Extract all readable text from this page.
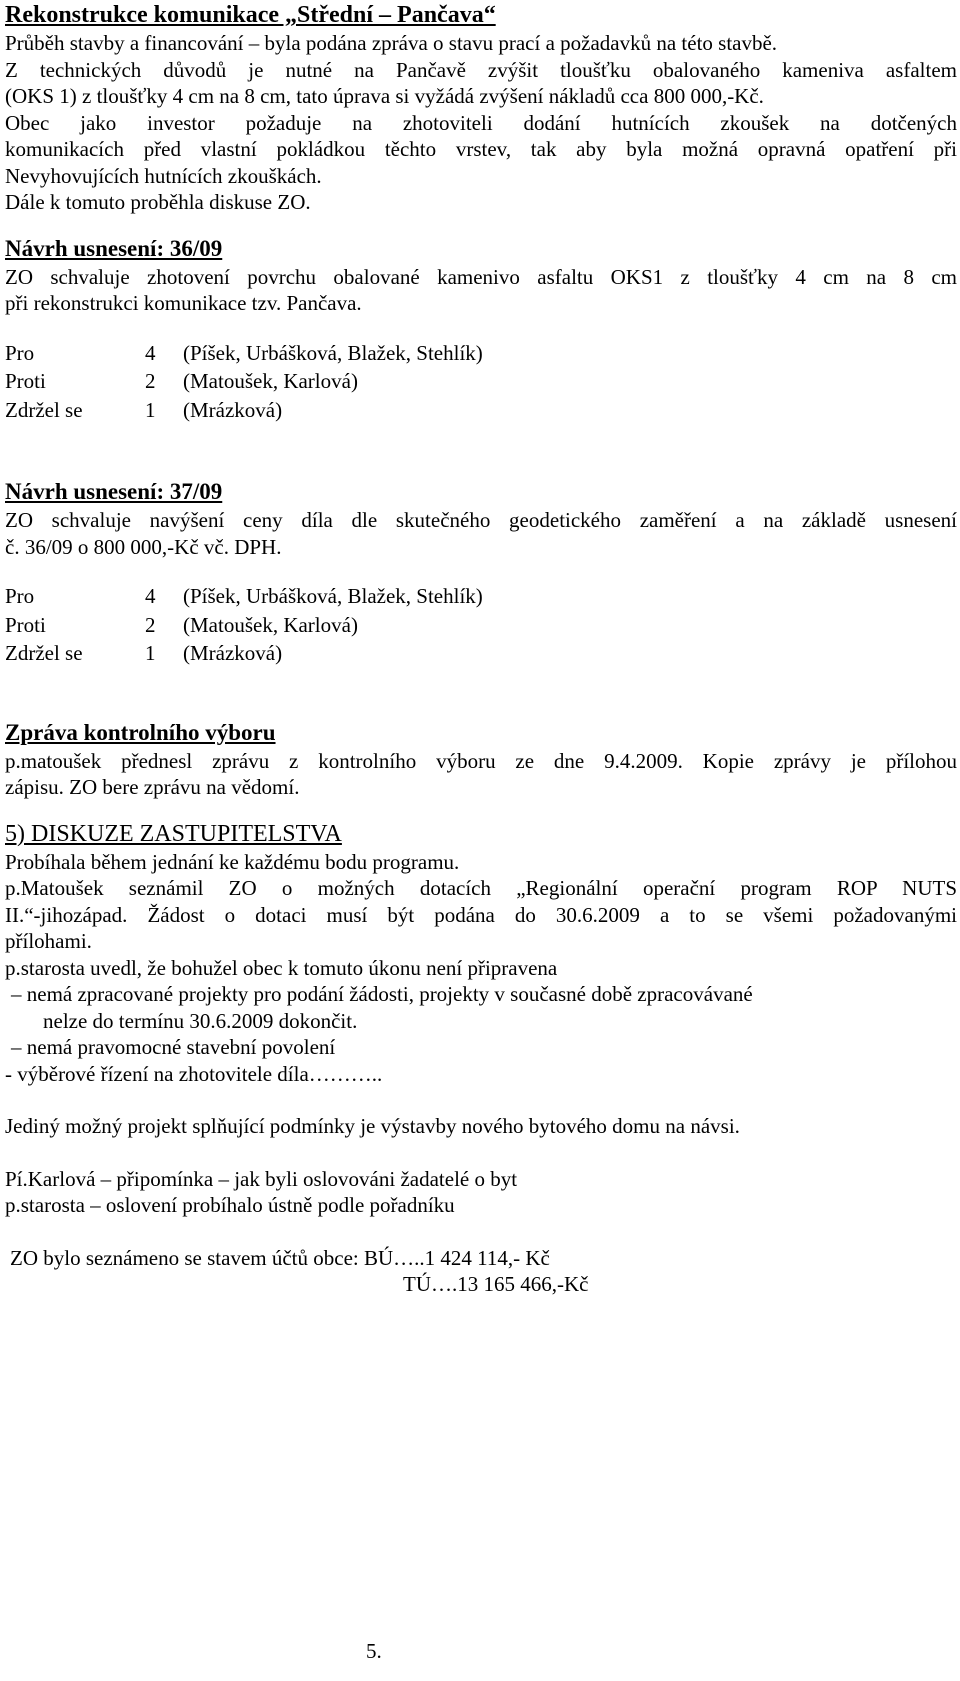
Rekonstrukce komunikace „Střední – Pančava“

Průběh stavby a financování – byla podána zpráva o stavu prací a požadavků na této stavbě.

Z technických důvodů je nutné na Pančavě zvýšit tloušťku obalovaného kameniva asfaltem

(OKS 1) z tloušťky 4 cm na 8 cm, tato úprava si vyžádá zvýšení nákladů cca 800 000,-Kč.

Obec jako investor požaduje na zhotoviteli dodání hutnících zkoušek na dotčených

komunikacích před vlastní pokládkou těchto vrstev, tak aby byla možná opravná opatření při

Nevyhovujících hutnících zkouškách.

Dále k tomuto proběhla diskuse ZO.

Návrh usnesení: 36/09

ZO schvaluje zhotovení povrchu obalované kamenivo asfaltu OKS1 z tloušťky 4 cm na 8 cm

při rekonstrukci komunikace tzv. Pančava.

Pro	4	(Píšek, Urbášková, Blažek, Stehlík)
Proti	2	(Matoušek, Karlová)
Zdržel se	1	(Mrázková)

Návrh usnesení: 37/09

ZO schvaluje navýšení ceny díla dle skutečného geodetického zaměření a na základě usnesení

č. 36/09 o 800 000,-Kč vč. DPH.

Pro	4	(Píšek, Urbášková, Blažek, Stehlík)
Proti	2	(Matoušek, Karlová)
Zdržel se	1	(Mrázková)

Zpráva kontrolního výboru

p.matoušek přednesl zprávu z kontrolního výboru ze dne 9.4.2009. Kopie zprávy je přílohou

zápisu. ZO bere zprávu na vědomí.

5) DISKUZE ZASTUPITELSTVA

Probíhala během jednání ke každému bodu programu.

p.Matoušek seznámil ZO o možných dotacích „Regionální operační program ROP NUTS

II.“-jihozápad. Žádost o dotaci musí být podána do 30.6.2009 a to se všemi požadovanými

přílohami.

p.starosta uvedl, že bohužel obec k tomuto úkonu není připravena

– nemá zpracované projekty pro podání žádosti, projekty v současné době zpracovávané

nelze do termínu 30.6.2009 dokončit.

– nemá pravomocné stavební povolení

- výběrové řízení na zhotovitele díla………..

Jediný možný projekt splňující podmínky je výstavby nového bytového domu na návsi.

Pí.Karlová – připomínka – jak byli oslovováni žadatelé o byt

p.starosta – oslovení probíhalo ústně podle pořadníku

ZO bylo seznámeno se stavem účtů obce: BÚ…..1 424 114,- Kč

TÚ….13 165 466,-Kč

5.
